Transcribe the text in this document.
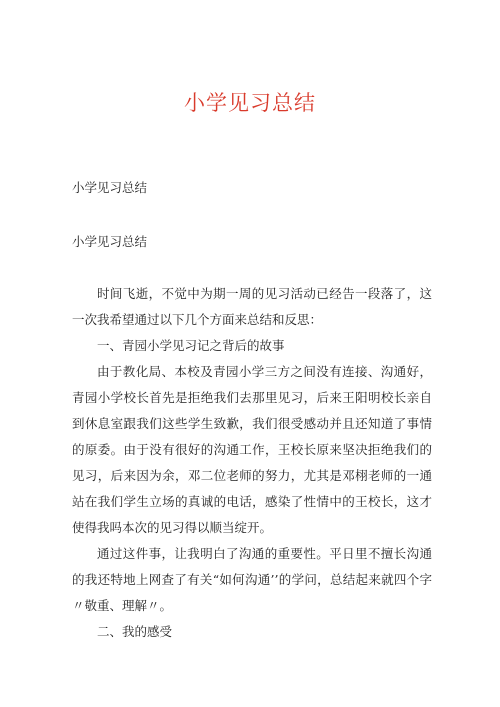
小学见习总结
小学见习总结
小学见习总结

时间飞逝，不觉中为期一周的见习活动已经告一段落了，这一次我希望通过以下几个方面来总结和反思：

一、青园小学见习记之背后的故事

由于教化局、本校及青园小学三方之间没有连接、沟通好，青园小学校长首先是拒绝我们去那里见习，后来王阳明校长亲自到休息室跟我们这些学生致歉，我们很受感动并且还知道了事情的原委。由于没有很好的沟通工作，王校长原来坚决拒绝我们的见习，后来因为余，邓二位老师的努力，尤其是邓栩老师的一通站在我们学生立场的真诚的电话，感染了性情中的王校长，这才使得我吗本次的见习得以顺当绽开。

通过这件事，让我明白了沟通的重要性。平日里不擅长沟通的我还特地上网查了有关“如何沟通’’的学问，总结起来就四个字〃敬重、理解〃。

二、我的感受
